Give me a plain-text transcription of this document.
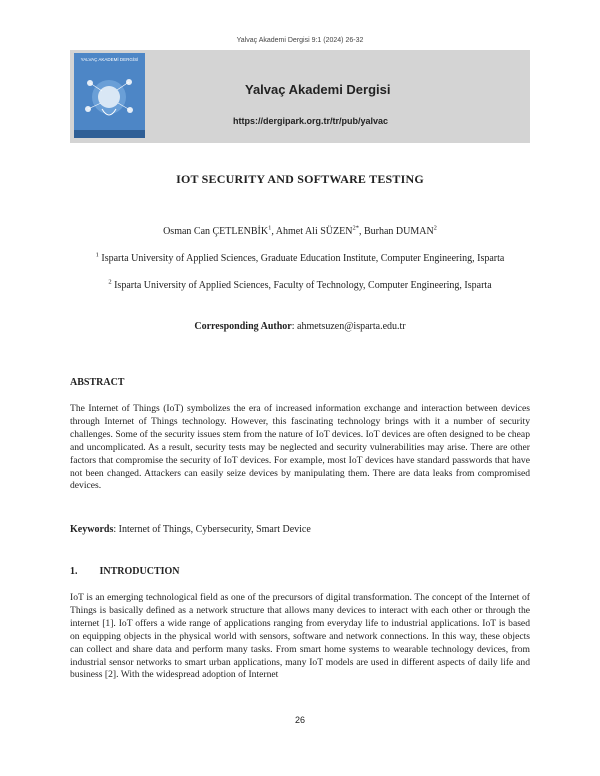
Yalvaç Akademi Dergisi 9:1 (2024) 26-32
YALVAÇ AKADEMİ DERGİSİ
Yalvaç Akademi Dergisi
https://dergipark.org.tr/tr/pub/yalvac
IOT SECURITY AND SOFTWARE TESTING
Osman Can ÇETLENBİK$^1$, Ahmet Ali $SÜZEN^{2*}$, Burhan DUMAN$^2$
$^1$ Isparta University of Applied Sciences, Graduate Education Institute, Computer Engineering, Isparta
$^2$ Isparta University of Applied Sciences, Faculty of Technology, Computer Engineering, Isparta
Corresponding Author: ahmetsuzen@isparta.edu.tr
ABSTRACT

The Internet of Things (IoT) symbolizes the era of increased information exchange and interaction between devices through Internet of Things technology. However, this fascinating technology brings with it a number of security challenges. Some of the security issues stem from the nature of IoT devices. IoT devices are often designed to be cheap and uncomplicated. As a result, security tests may be neglected and security vulnerabilities may arise. There are other factors that compromise the security of IoT devices. For example, most IoT devices have standard passwords that have not been changed. Attackers can easily seize devices by manipulating them. There are data leaks from compromised devices.

Keywords: Internet of Things, Cybersecurity, Smart Device
1. INTRODUCTION

IoT is an emerging technological field as one of the precursors of digital transformation. The concept of the Internet of Things is basically defined as a network structure that allows many devices to interact with each other or through the internet [1]. IoT offers a wide range of applications ranging from everyday life to industrial applications. IoT is based on equipping objects in the physical world with sensors, software and network connections. In this way, these objects can collect and share data and perform many tasks. From smart home systems to wearable technology devices, from industrial sensor networks to smart urban applications, many IoT models are used in different aspects of daily life and business [2]. With the widespread adoption of Internet

26
